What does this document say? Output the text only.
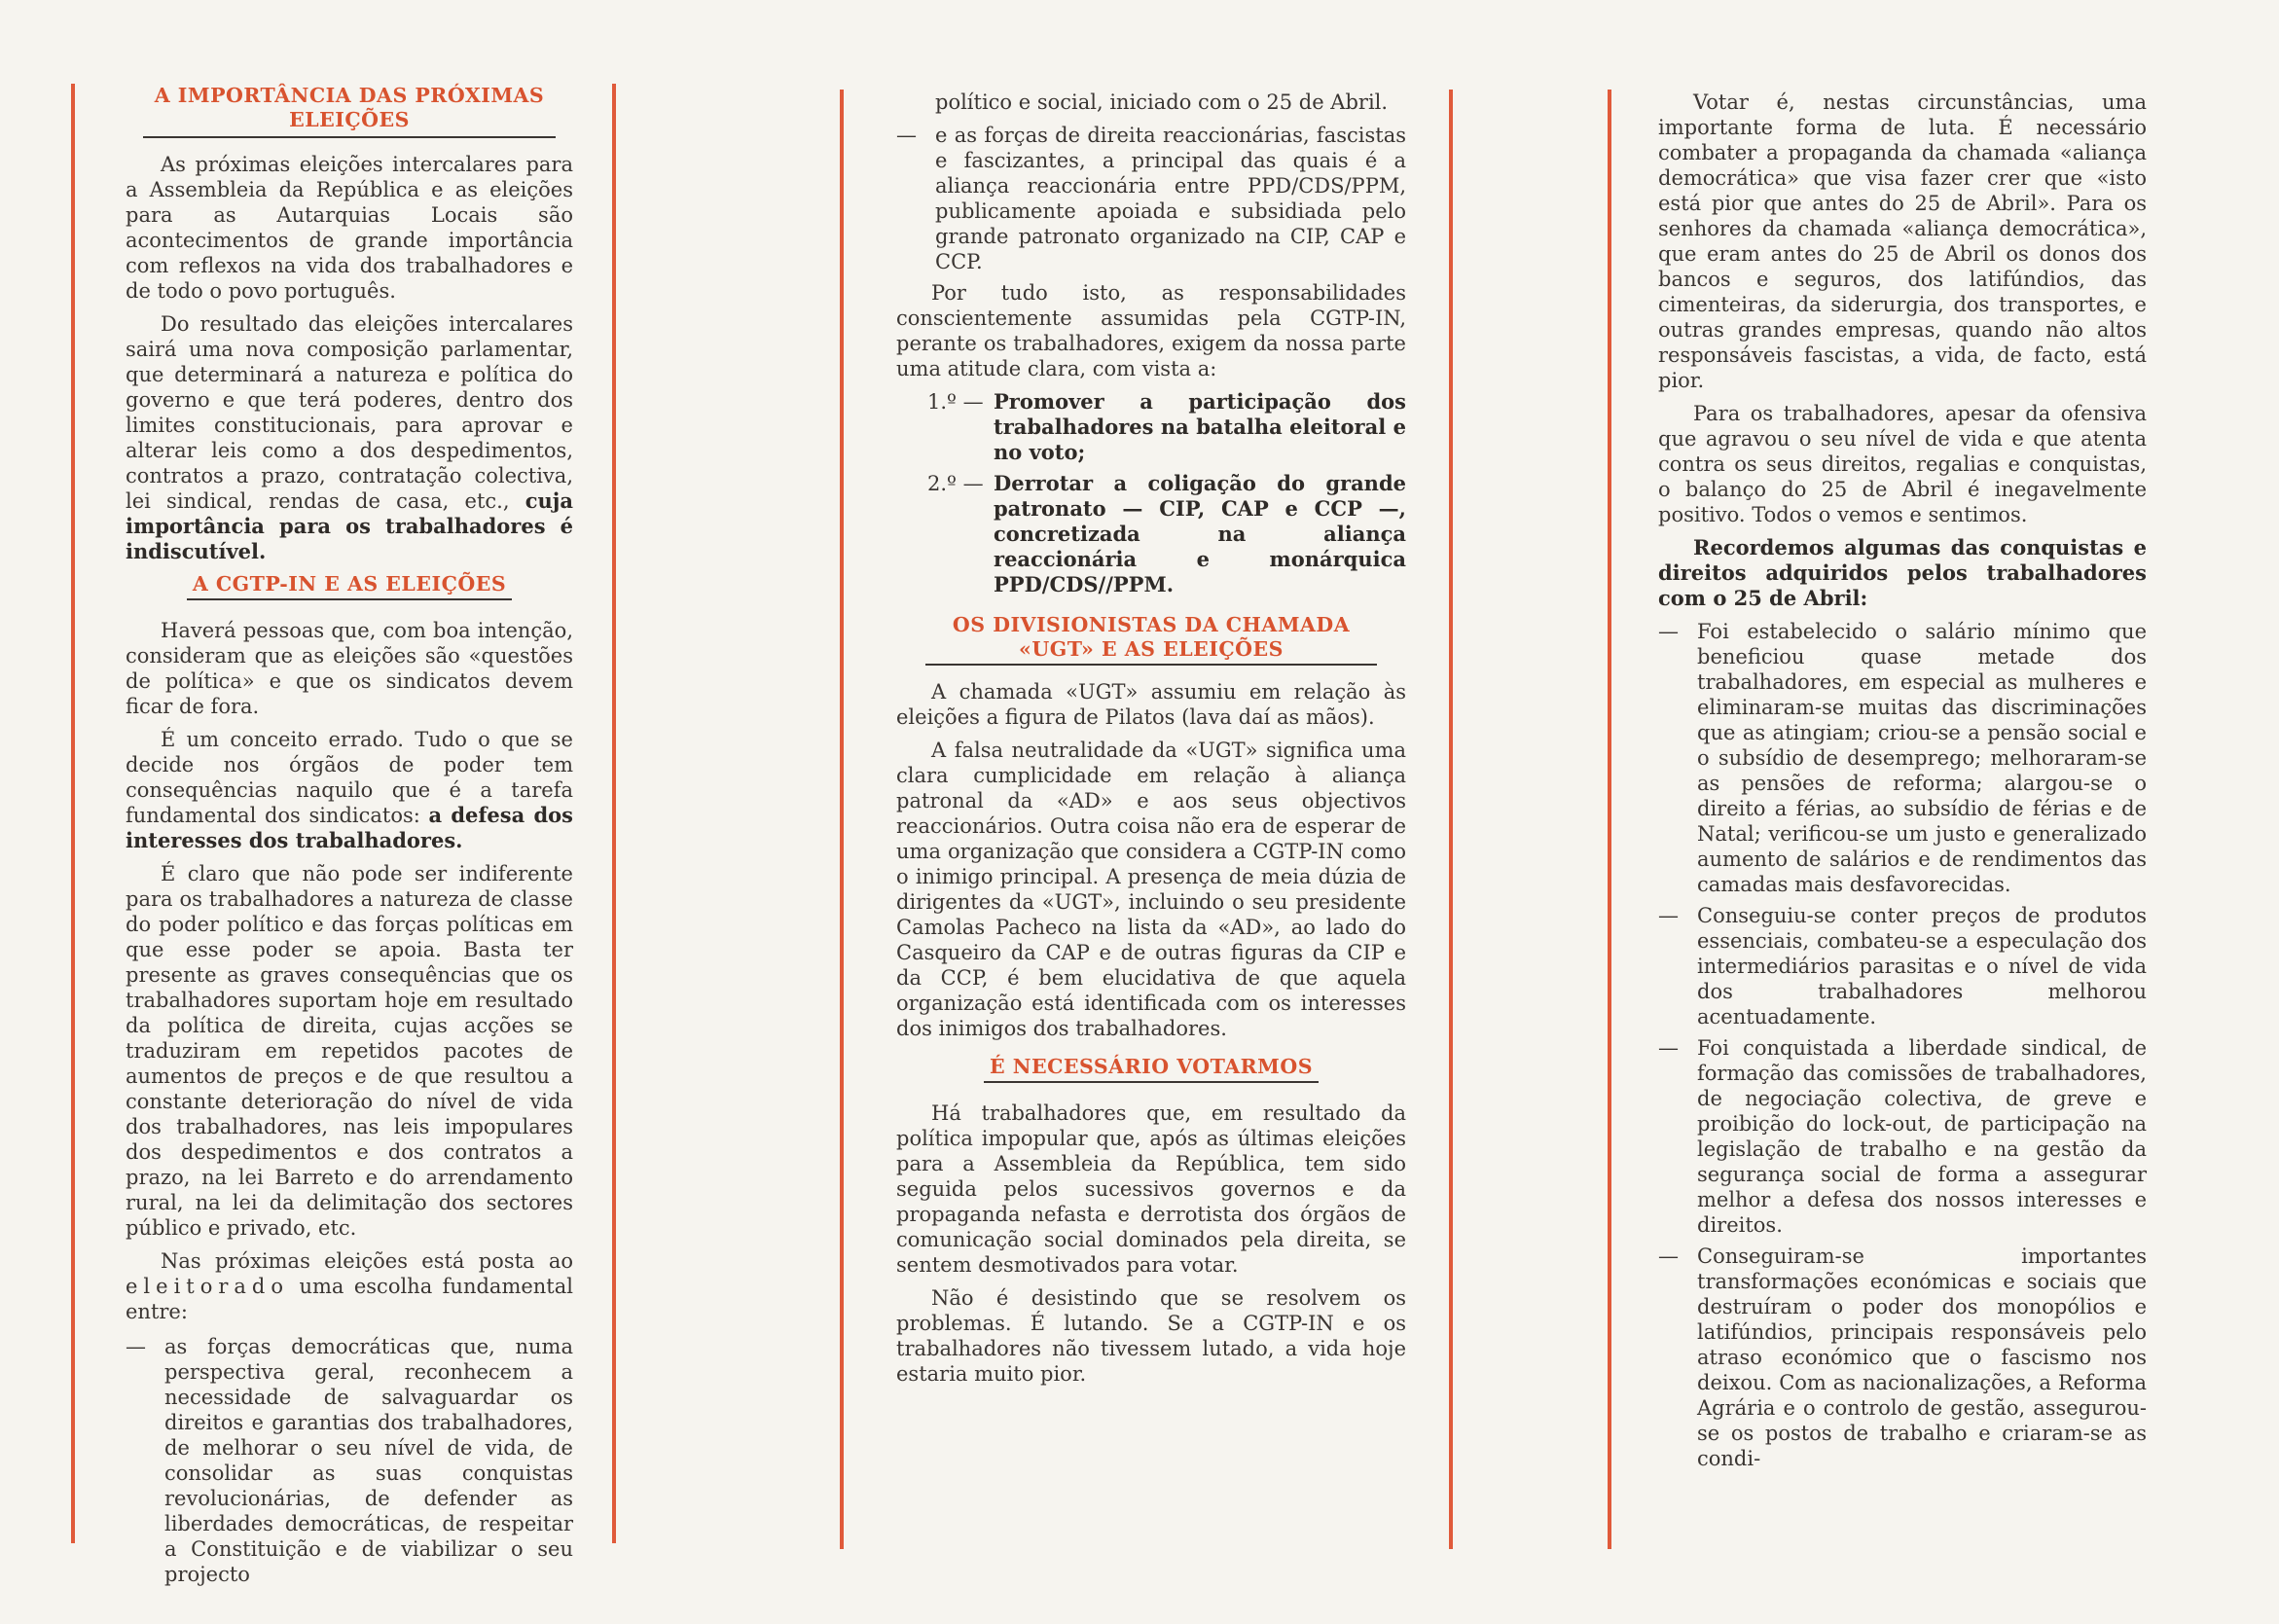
A IMPORTÂNCIA DAS PRÓXIMAS ELEIÇÕES

As próximas eleições intercalares para a Assembleia da República e as eleições para as Autarquias Locais são acontecimentos de grande importância com reflexos na vida dos trabalhadores e de todo o povo português.

Do resultado das eleições intercalares sairá uma nova composição parlamentar, que determinará a natureza e política do governo e que terá poderes, dentro dos limites constitucionais, para aprovar e alterar leis como a dos despedimentos, contratos a prazo, contratação colectiva, lei sindical, rendas de casa, etc., cuja importância para os trabalhadores é indiscutível.

A CGTP-IN E AS ELEIÇÕES

Haverá pessoas que, com boa intenção, consideram que as eleições são «questões de política» e que os sindicatos devem ficar de fora.

É um conceito errado. Tudo o que se decide nos órgãos de poder tem consequências naquilo que é a tarefa fundamental dos sindicatos: a defesa dos interesses dos trabalhadores.

É claro que não pode ser indiferente para os trabalhadores a natureza de classe do poder político e das forças políticas em que esse poder se apoia. Basta ter presente as graves consequências que os trabalhadores suportam hoje em resultado da política de direita, cujas acções se traduziram em repetidos pacotes de aumentos de preços e de que resultou a constante deterioração do nível de vida dos trabalhadores, nas leis impopulares dos despedimentos e dos contratos a prazo, na lei Barreto e do arrendamento rural, na lei da delimitação dos sectores público e privado, etc.

Nas próximas eleições está posta ao eleitorado uma escolha fundamental entre:

— as forças democráticas que, numa perspectiva geral, reconhecem a necessidade de salvaguardar os direitos e garantias dos trabalhadores, de melhorar o seu nível de vida, de consolidar as suas conquistas revolucionárias, de defender as liberdades democráticas, de respeitar a Constituição e de viabilizar o seu projecto

político e social, iniciado com o 25 de Abril.

— e as forças de direita reaccionárias, fascistas e fascizantes, a principal das quais é a aliança reaccionária entre PPD/CDS/PPM, publicamente apoiada e subsidiada pelo grande patronato organizado na CIP, CAP e CCP.

Por tudo isto, as responsabilidades conscientemente assumidas pela CGTP-IN, perante os trabalhadores, exigem da nossa parte uma atitude clara, com vista a:

1.º — Promover a participação dos trabalhadores na batalha eleitoral e no voto;

2.º — Derrotar a coligação do grande patronato — CIP, CAP e CCP —, concretizada na aliança reaccionária e monárquica PPD/CDS//PPM.

OS DIVISIONISTAS DA CHAMADA «UGT» E AS ELEIÇÕES

A chamada «UGT» assumiu em relação às eleições a figura de Pilatos (lava daí as mãos).

A falsa neutralidade da «UGT» significa uma clara cumplicidade em relação à aliança patronal da «AD» e aos seus objectivos reaccionários. Outra coisa não era de esperar de uma organização que considera a CGTP-IN como o inimigo principal. A presença de meia dúzia de dirigentes da «UGT», incluindo o seu presidente Camolas Pacheco na lista da «AD», ao lado do Casqueiro da CAP e de outras figuras da CIP e da CCP, é bem elucidativa de que aquela organização está identificada com os interesses dos inimigos dos trabalhadores.

É NECESSÁRIO VOTARMOS

Há trabalhadores que, em resultado da política impopular que, após as últimas eleições para a Assembleia da República, tem sido seguida pelos sucessivos governos e da propaganda nefasta e derrotista dos órgãos de comunicação social dominados pela direita, se sentem desmotivados para votar.

Não é desistindo que se resolvem os problemas. É lutando. Se a CGTP-IN e os trabalhadores não tivessem lutado, a vida hoje estaria muito pior.

Votar é, nestas circunstâncias, uma importante forma de luta. É necessário combater a propaganda da chamada «aliança democrática» que visa fazer crer que «isto está pior que antes do 25 de Abril». Para os senhores da chamada «aliança democrática», que eram antes do 25 de Abril os donos dos bancos e seguros, dos latifúndios, das cimenteiras, da siderurgia, dos transportes, e outras grandes empresas, quando não altos responsáveis fascistas, a vida, de facto, está pior.

Para os trabalhadores, apesar da ofensiva que agravou o seu nível de vida e que atenta contra os seus direitos, regalias e conquistas, o balanço do 25 de Abril é inegavelmente positivo. Todos o vemos e sentimos.

Recordemos algumas das conquistas e direitos adquiridos pelos trabalhadores com o 25 de Abril:

— Foi estabelecido o salário mínimo que beneficiou quase metade dos trabalhadores, em especial as mulheres e eliminaram-se muitas das discriminações que as atingiam; criou-se a pensão social e o subsídio de desemprego; melhoraram-se as pensões de reforma; alargou-se o direito a férias, ao subsídio de férias e de Natal; verificou-se um justo e generalizado aumento de salários e de rendimentos das camadas mais desfavorecidas.

— Conseguiu-se conter preços de produtos essenciais, combateu-se a especulação dos intermediários parasitas e o nível de vida dos trabalhadores melhorou acentuadamente.

— Foi conquistada a liberdade sindical, de formação das comissões de trabalhadores, de negociação colectiva, de greve e proibição do lock-out, de participação na legislação de trabalho e na gestão da segurança social de forma a assegurar melhor a defesa dos nossos interesses e direitos.

— Conseguiram-se importantes transformações económicas e sociais que destruíram o poder dos monopólios e latifúndios, principais responsáveis pelo atraso económico que o fascismo nos deixou. Com as nacionalizações, a Reforma Agrária e o controlo de gestão, assegurou-se os postos de trabalho e criaram-se as condi-
